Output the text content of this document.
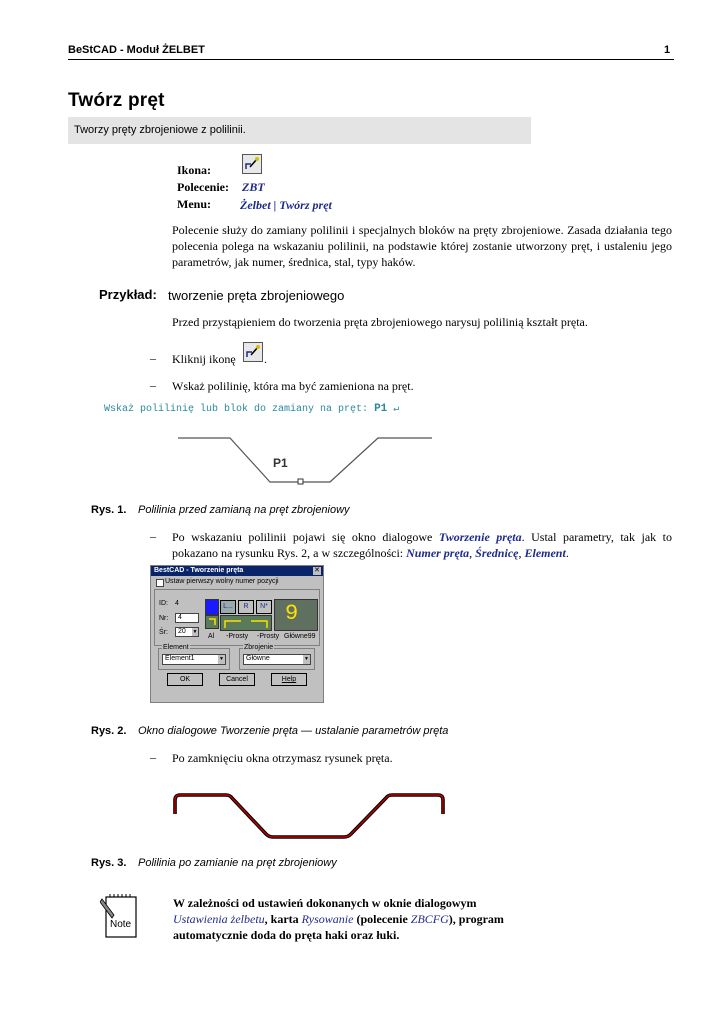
BeStCAD - Moduł ŻELBET	1
Twórz pręt
Tworzy pręty zbrojeniowe z polilinii.
Ikona:
Polecenie: ZBT
Menu: Żelbet | Twórz pręt
Polecenie służy do zamiany polilinii i specjalnych bloków na pręty zbrojeniowe. Zasada działania tego polecenia polega na wskazaniu polilinii, na podstawie której zostanie utworzony pręt, i ustaleniu jego parametrów, jak numer, średnica, stal, typy haków.
Przykład: tworzenie pręta zbrojeniowego
Przed przystąpieniem do tworzenia pręta zbrojeniowego narysuj polilinią kształt pręta.
– Kliknij ikonę .
– Wskaż polilinię, która ma być zamieniona na pręt.
Wskaż polilinię lub blok do zamiany na pręt: P1 ↵
P1
Rys. 1. Polilinia przed zamianą na pręt zbrojeniowy
– Po wskazaniu polilinii pojawi się okno dialogowe Tworzenie pręta. Ustal parametry, tak jak to pokazano na rysunku Rys. 2, a w szczególności: Numer pręta, Średnicę, Element.
BestCAD - Tworzenie pręta	✕
Ustaw pierwszy wolny numer pozycji
ID: 4
Nr:	4
Śr:	20	▼
L...	R	N* 9
Al -Prosty -Prosty Główne99
Element
Element1	▼
Zbrojenie
Główne	▼
OK	Cancel	Help
Rys. 2. Okno dialogowe Tworzenie pręta — ustalanie parametrów pręta
– Po zamknięciu okna otrzymasz rysunek pręta.
Rys. 3. Polilinia po zamianie na pręt zbrojeniowy
Note
W zależności od ustawień dokonanych w oknie dialogowym Ustawienia żelbetu, karta Rysowanie (polecenie ZBCFG), program automatycznie doda do pręta haki oraz łuki.
